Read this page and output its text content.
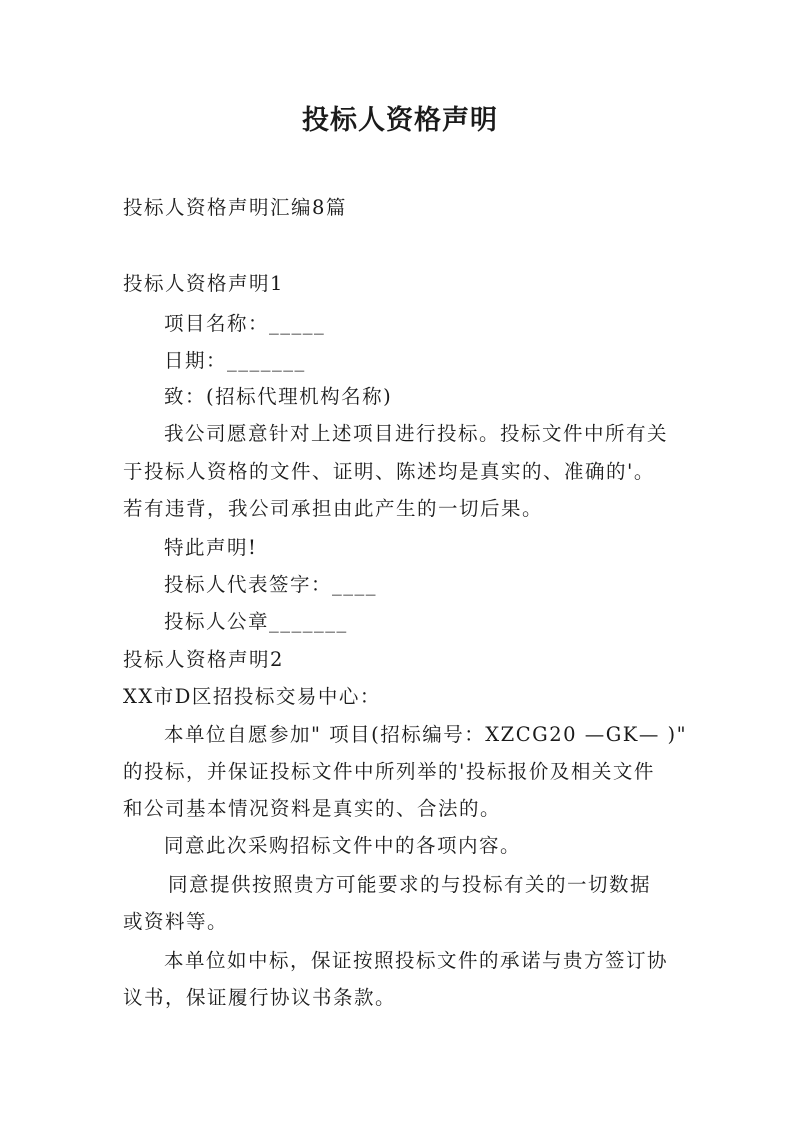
投标人资格声明
投标人资格声明汇编8篇
投标人资格声明1
项目名称：_____
日期：_______
致：(招标代理机构名称)
我公司愿意针对上述项目进行投标。投标文件中所有关
于投标人资格的文件、证明、陈述均是真实的、准确的'。
若有违背，我公司承担由此产生的一切后果。
特此声明!
投标人代表签字：____
投标人公章_______
投标人资格声明2
XX市D区招投标交易中心：
本单位自愿参加" 项目(招标编号：XZCG20 —GK— )"
的投标，并保证投标文件中所列举的'投标报价及相关文件
和公司基本情况资料是真实的、合法的。
同意此次采购招标文件中的各项内容。
同意提供按照贵方可能要求的与投标有关的一切数据
或资料等。
本单位如中标，保证按照投标文件的承诺与贵方签订协
议书，保证履行协议书条款。
